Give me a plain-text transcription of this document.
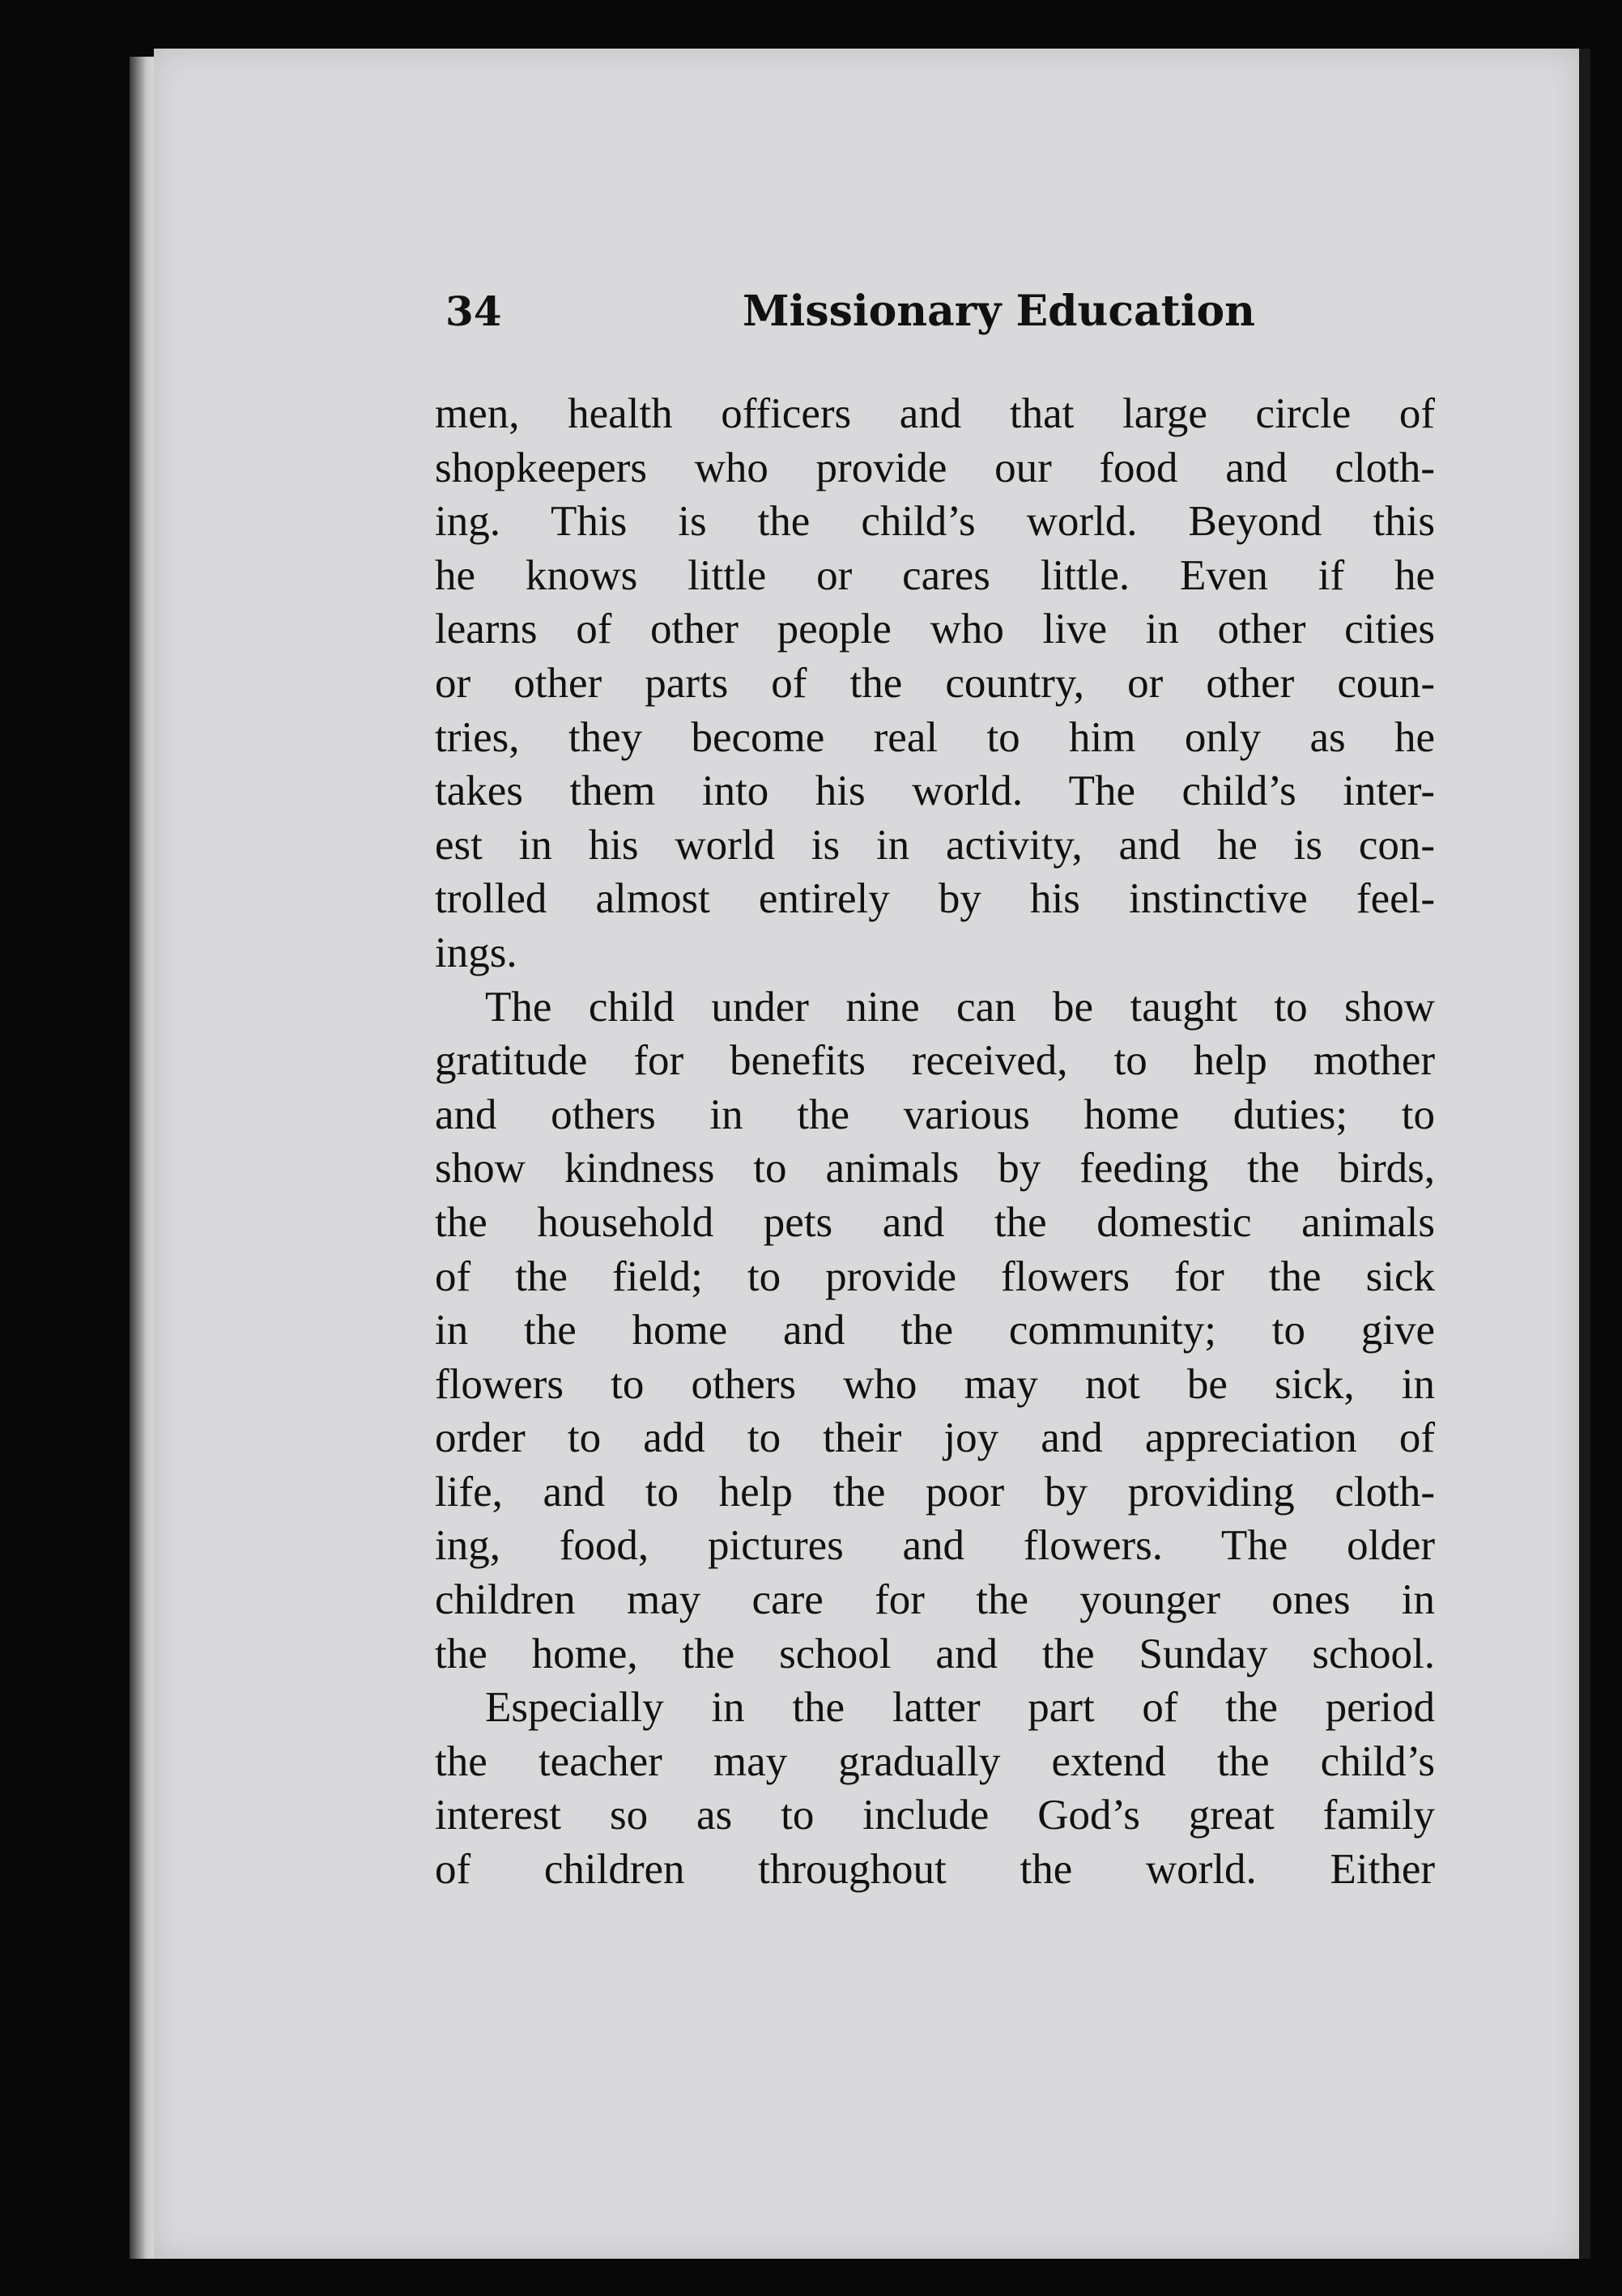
34	Missionary Education

men, health officers and that large circle of

shopkeepers who provide our food and cloth-

ing. This is the child’s world. Beyond this

he knows little or cares little. Even if he

learns of other people who live in other cities

or other parts of the country, or other coun-

tries, they become real to him only as he

takes them into his world. The child’s inter-

est in his world is in activity, and he is con-

trolled almost entirely by his instinctive feel-

ings.

The child under nine can be taught to show

gratitude for benefits received, to help mother

and others in the various home duties; to

show kindness to animals by feeding the birds,

the household pets and the domestic animals

of the field; to provide flowers for the sick

in the home and the community; to give

flowers to others who may not be sick, in

order to add to their joy and appreciation of

life, and to help the poor by providing cloth-

ing, food, pictures and flowers. The older

children may care for the younger ones in

the home, the school and the Sunday school.

Especially in the latter part of the period

the teacher may gradually extend the child’s

interest so as to include God’s great family

of children throughout the world. Either
